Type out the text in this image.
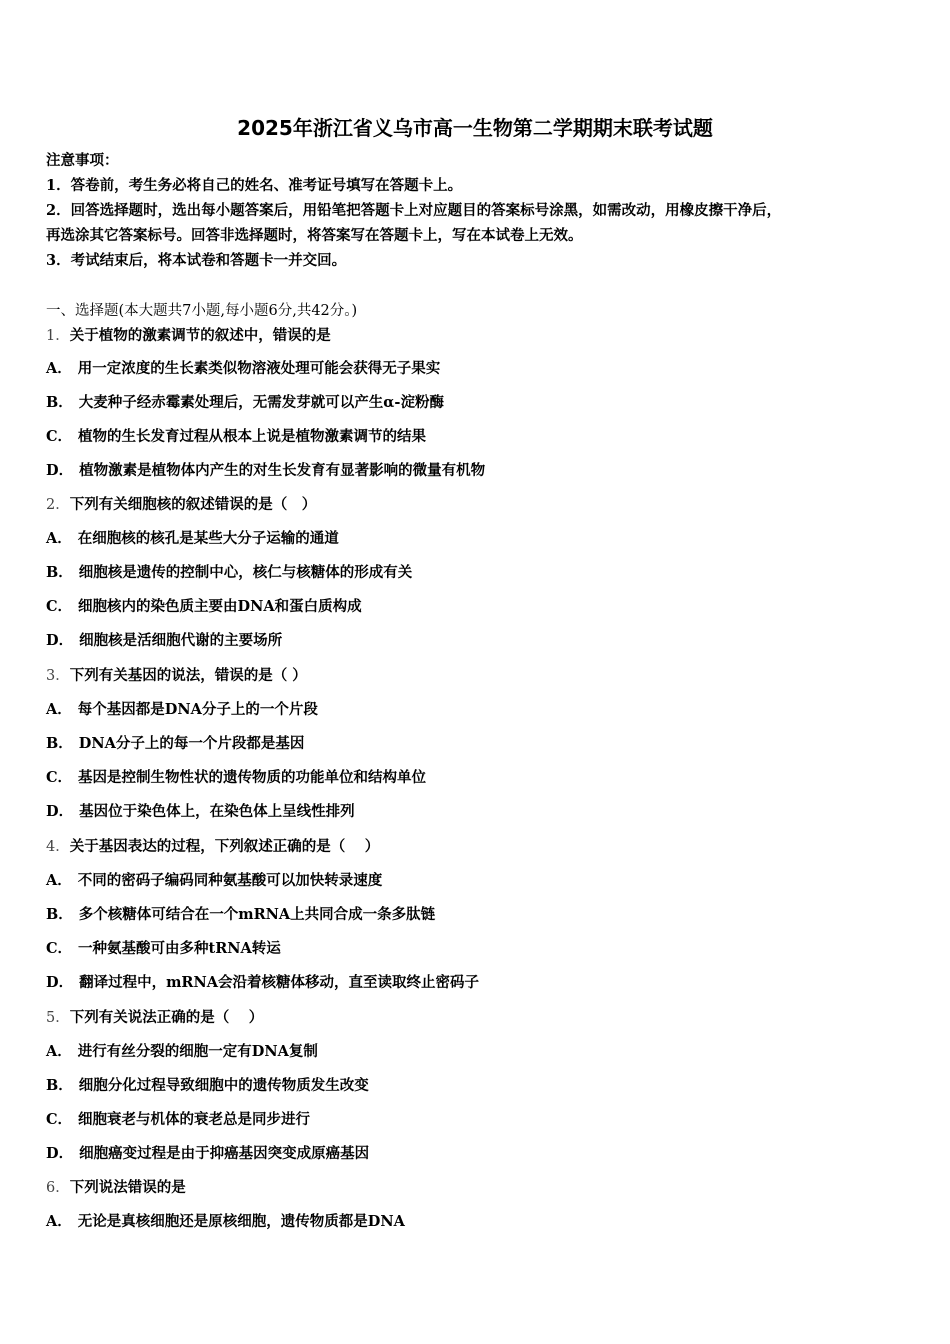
2025年浙江省义乌市高一生物第二学期期末联考试题
注意事项：
1．答卷前，考生务必将自己的姓名、准考证号填写在答题卡上。
2．回答选择题时，选出每小题答案后，用铅笔把答题卡上对应题目的答案标号涂黑，如需改动，用橡皮擦干净后，
再选涂其它答案标号。回答非选择题时，将答案写在答题卡上，写在本试卷上无效。
3．考试结束后，将本试卷和答题卡一并交回。
一、选择题(本大题共7小题,每小题6分,共42分。)
1．关于植物的激素调节的叙述中，错误的是
A． 用一定浓度的生长素类似物溶液处理可能会获得无子果实
B． 大麦种子经赤霉素处理后，无需发芽就可以产生α-淀粉酶
C． 植物的生长发育过程从根本上说是植物激素调节的结果
D． 植物激素是植物体内产生的对生长发育有显著影响的微量有机物
2．下列有关细胞核的叙述错误的是（　）
A． 在细胞核的核孔是某些大分子运输的通道
B． 细胞核是遗传的控制中心，核仁与核糖体的形成有关
C． 细胞核内的染色质主要由DNA和蛋白质构成
D． 细胞核是活细胞代谢的主要场所
3．下列有关基因的说法，错误的是（ ）
A． 每个基因都是DNA分子上的一个片段
B． DNA分子上的每一个片段都是基因
C． 基因是控制生物性状的遗传物质的功能单位和结构单位
D． 基因位于染色体上，在染色体上呈线性排列
4．关于基因表达的过程，下列叙述正确的是（　 ）
A． 不同的密码子编码同种氨基酸可以加快转录速度
B． 多个核糖体可结合在一个mRNA上共同合成一条多肽链
C． 一种氨基酸可由多种tRNA转运
D． 翻译过程中，mRNA会沿着核糖体移动，直至读取终止密码子
5．下列有关说法正确的是（　 ）
A． 进行有丝分裂的细胞一定有DNA复制
B． 细胞分化过程导致细胞中的遗传物质发生改变
C． 细胞衰老与机体的衰老总是同步进行
D． 细胞癌变过程是由于抑癌基因突变成原癌基因
6．下列说法错误的是
A． 无论是真核细胞还是原核细胞，遗传物质都是DNA
